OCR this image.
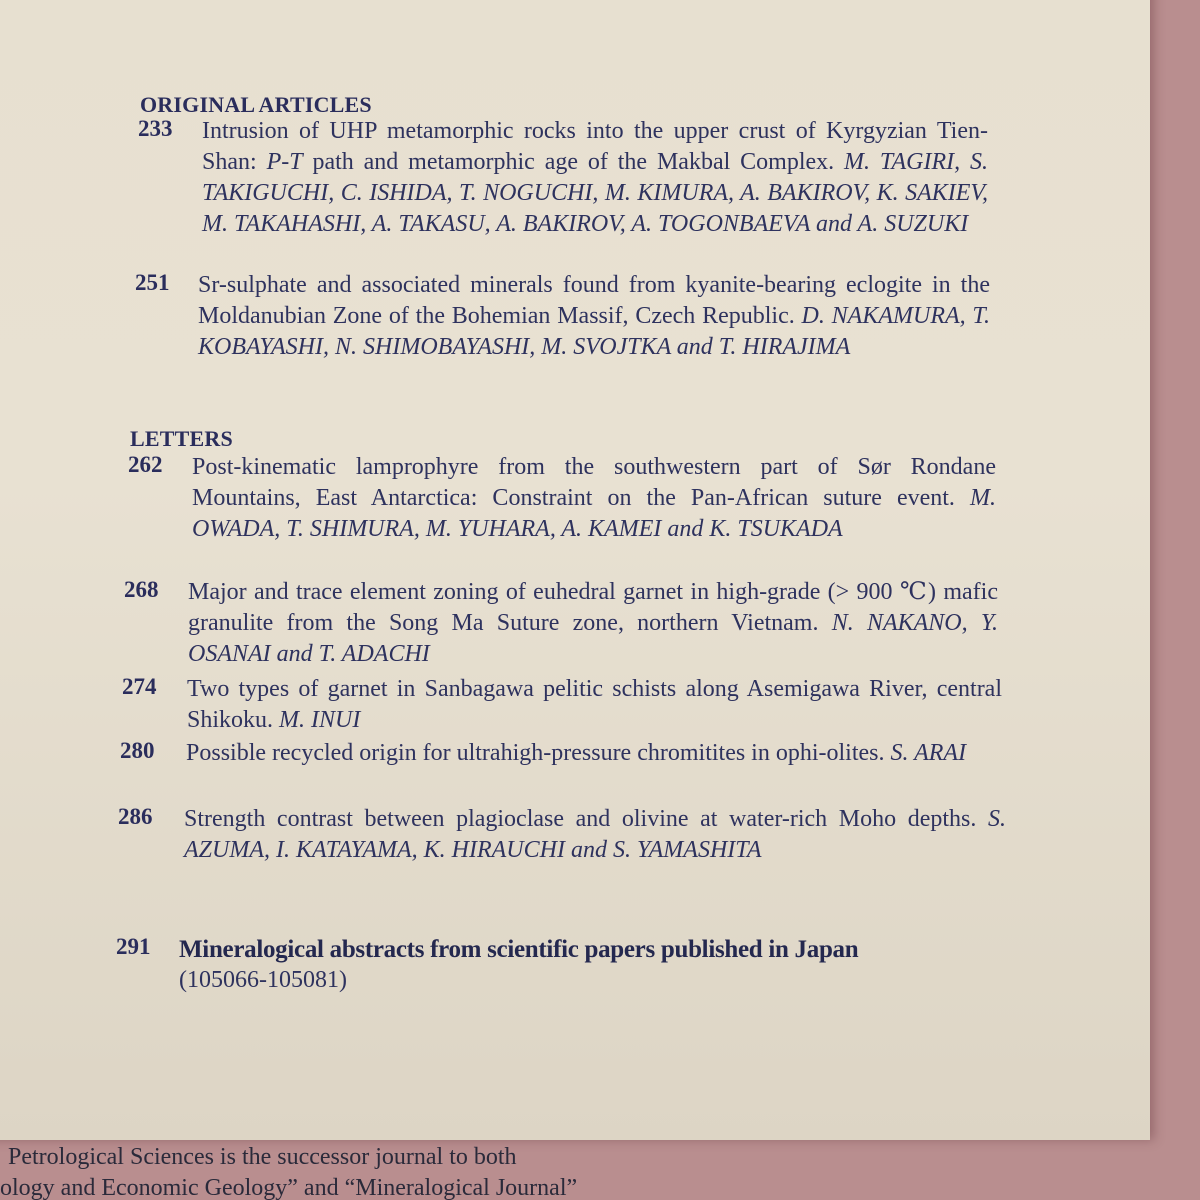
ORIGINAL ARTICLES
233 Intrusion of UHP metamorphic rocks into the upper crust of Kyrgyzian Tien-Shan: P-T path and metamorphic age of the Makbal Complex. M. TAGIRI, S. TAKIGUCHI, C. ISHIDA, T. NOGUCHI, M. KIMURA, A. BAKIROV, K. SAKIEV, M. TAKAHASHI, A. TAKASU, A. BAKIROV, A. TOGONBAEVA and A. SUZUKI
251 Sr-sulphate and associated minerals found from kyanite-bearing eclogite in the Moldanubian Zone of the Bohemian Massif, Czech Republic. D. NAKAMURA, T. KOBAYASHI, N. SHIMOBAYASHI, M. SVOJTKA and T. HIRAJIMA
LETTERS
262 Post-kinematic lamprophyre from the southwestern part of Sør Rondane Mountains, East Antarctica: Constraint on the Pan-African suture event. M. OWADA, T. SHIMURA, M. YUHARA, A. KAMEI and K. TSUKADA
268 Major and trace element zoning of euhedral garnet in high-grade (> 900 ℃) mafic granulite from the Song Ma Suture zone, northern Vietnam. N. NAKANO, Y. OSANAI and T. ADACHI
274 Two types of garnet in Sanbagawa pelitic schists along Asemigawa River, central Shikoku. M. INUI
280 Possible recycled origin for ultrahigh-pressure chromitites in ophi-olites. S. ARAI
286 Strength contrast between plagioclase and olivine at water-rich Moho depths. S. AZUMA, I. KATAYAMA, K. HIRAUCHI and S. YAMASHITA
291 Mineralogical abstracts from scientific papers published in Japan
(105066-105081)
Petrological Sciences is the successor journal to both
ology and Economic Geology” and “Mineralogical Journal”
